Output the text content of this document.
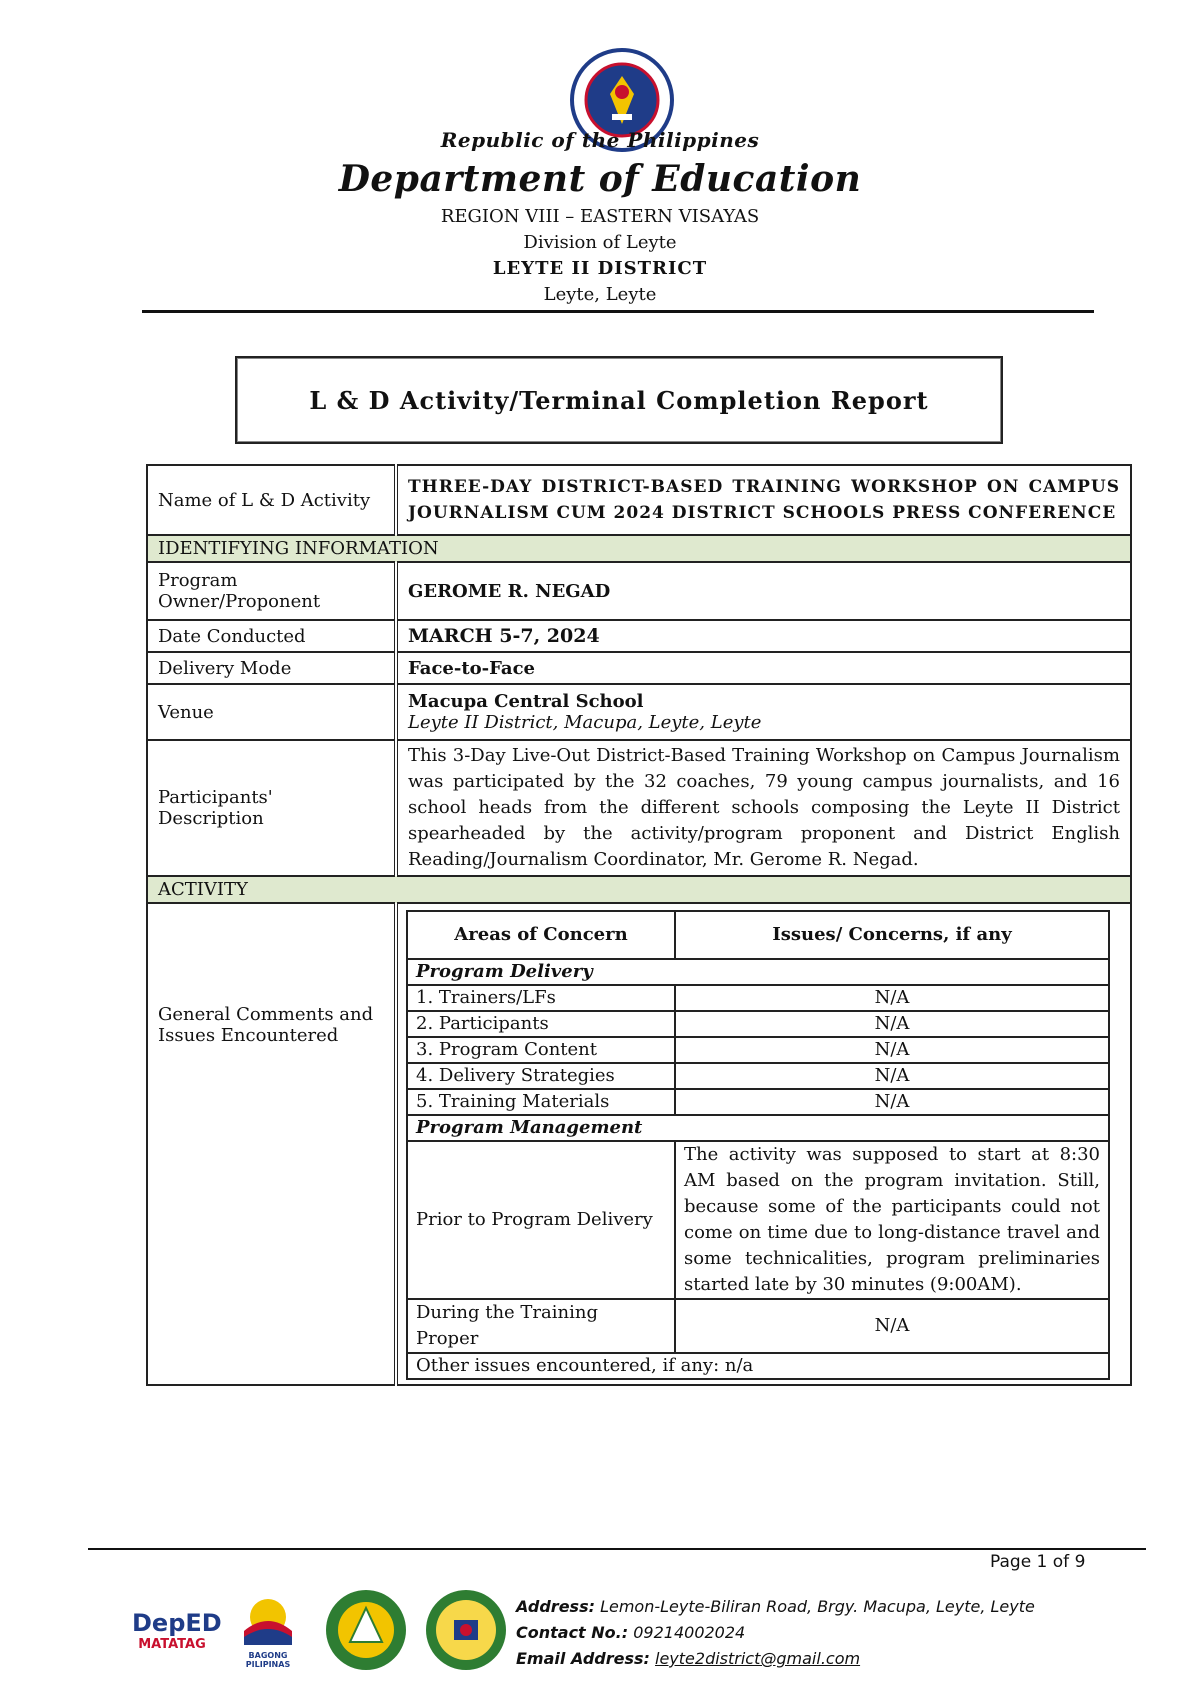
Republic of the Philippines
Department of Education
REGION VIII – EASTERN VISAYAS
Division of Leyte
LEYTE II DISTRICT
Leyte, Leyte
L & D Activity/Terminal Completion Report
Name of L & D Activity	THREE-DAY DISTRICT-BASED TRAINING WORKSHOP ON CAMPUS JOURNALISM CUM 2024 DISTRICT SCHOOLS PRESS CONFERENCE
IDENTIFYING INFORMATION
Program Owner/Proponent	GEROME R. NEGAD
Date Conducted	MARCH 5-7, 2024
Delivery Mode	Face-to-Face
Venue	Macupa Central School
Leyte II District, Macupa, Leyte, Leyte

Participants' Description	This 3-Day Live-Out District-Based Training Workshop on Campus Journalism was participated by the 32 coaches, 79 young campus journalists, and 16 school heads from the different schools composing the Leyte II District spearheaded by the activity/program proponent and District English Reading/Journalism Coordinator, Mr. Gerome R. Negad.
ACTIVITY
General Comments and Issues Encountered	
Areas of Concern	Issues/ Concerns, if any
Program Delivery
1. Trainers/LFs	N/A
2. Participants	N/A
3. Program Content	N/A
4. Delivery Strategies	N/A
5. Training Materials	N/A
Program Management
Prior to Program Delivery	The activity was supposed to start at 8:30 AM based on the program invitation. Still, because some of the participants could not come on time due to long-distance travel and some technicalities, program preliminaries started late by 30 minutes (9:00AM).
During the Training Proper	N/A
Other issues encountered, if any: n/a
Page 1 of 9
DepED
MATATAG
BAGONG PILIPINAS
Address: Lemon-Leyte-Biliran Road, Brgy. Macupa, Leyte, Leyte
Contact No.: 09214002024
Email Address: leyte2district@gmail.com
